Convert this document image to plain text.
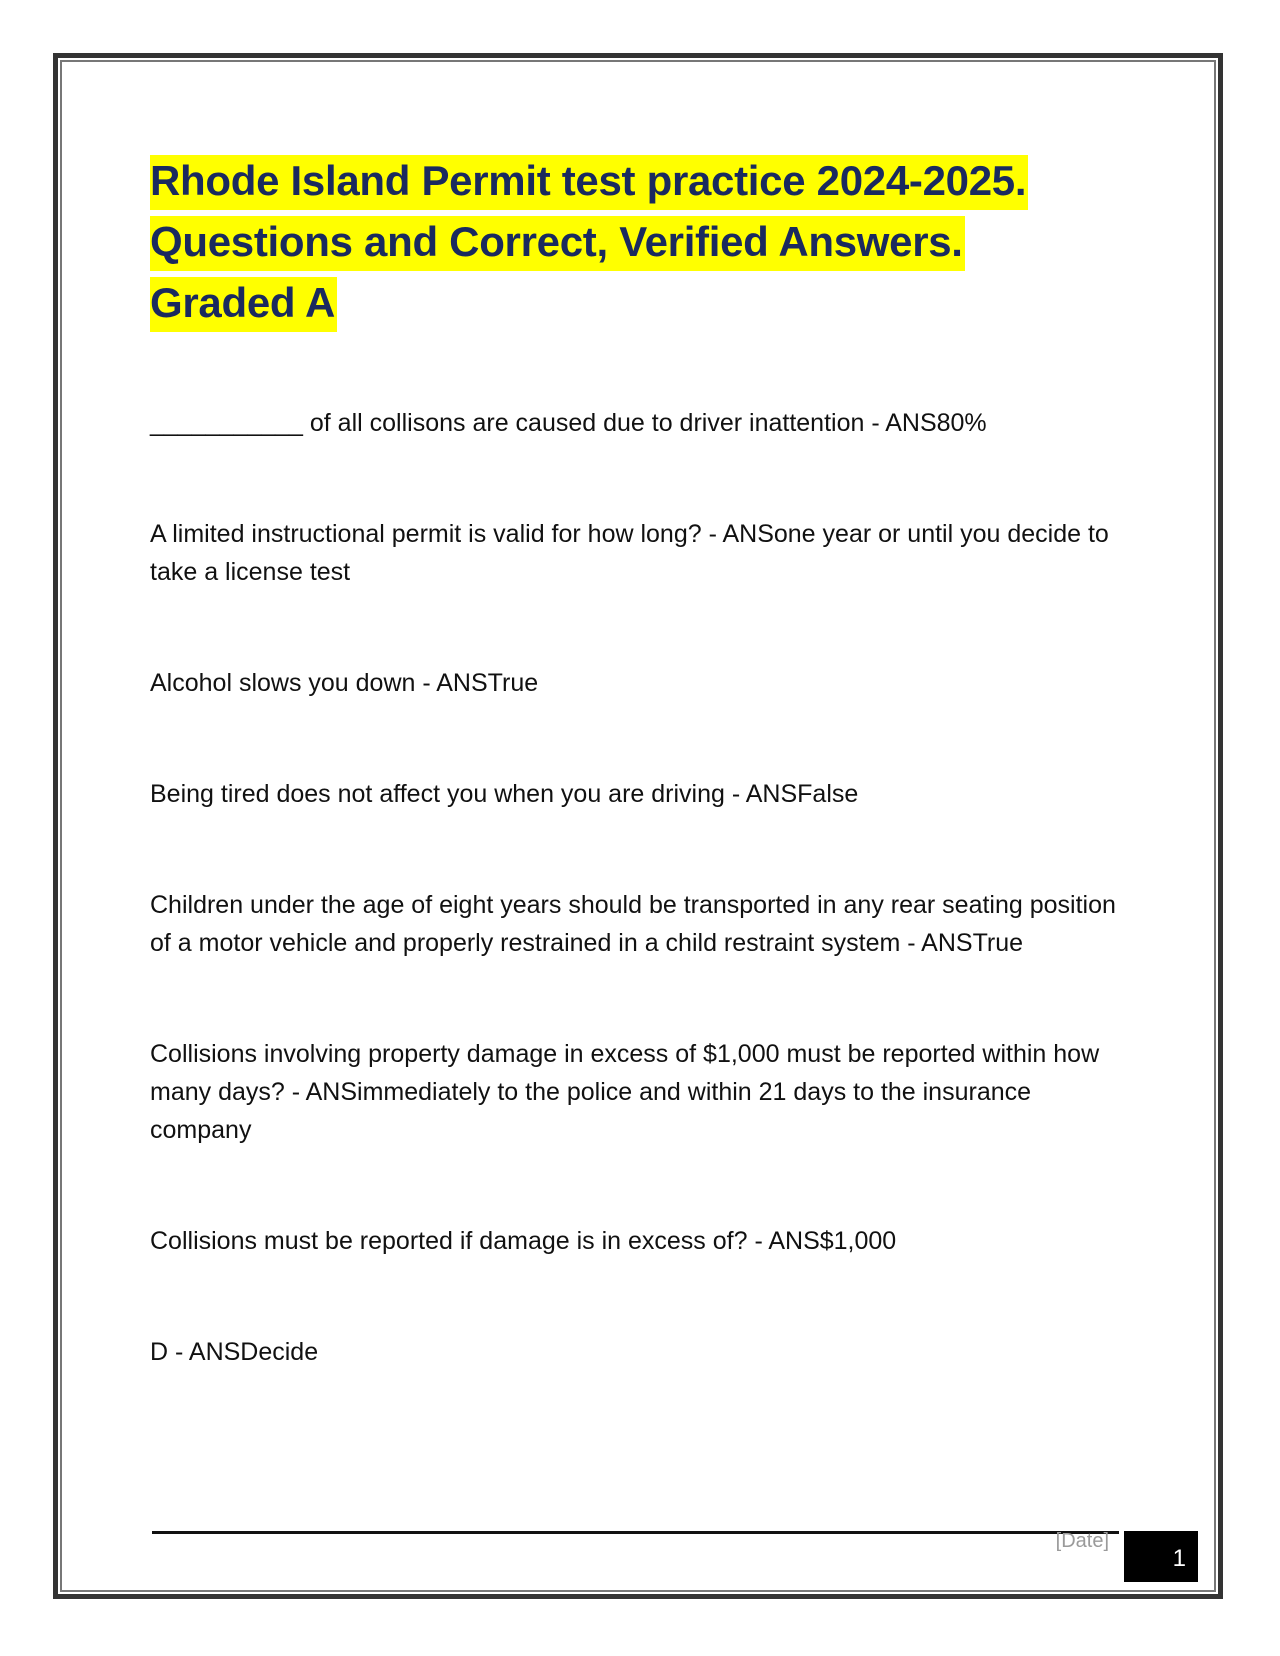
Rhode Island Permit test practice 2024-2025.
Questions and Correct, Verified Answers.
Graded A
___________ of all collisons are caused due to driver inattention - ANS80%
A limited instructional permit is valid for how long? - ANSone year or until you decide to take a license test
Alcohol slows you down - ANSTrue
Being tired does not affect you when you are driving - ANSFalse
Children under the age of eight years should be transported in any rear seating position of a motor vehicle and properly restrained in a child restraint system - ANSTrue
Collisions involving property damage in excess of $1,000 must be reported within how many days? - ANSimmediately to the police and within 21 days to the insurance company
Collisions must be reported if damage is in excess of? - ANS$1,000
D - ANSDecide
[Date]
1
